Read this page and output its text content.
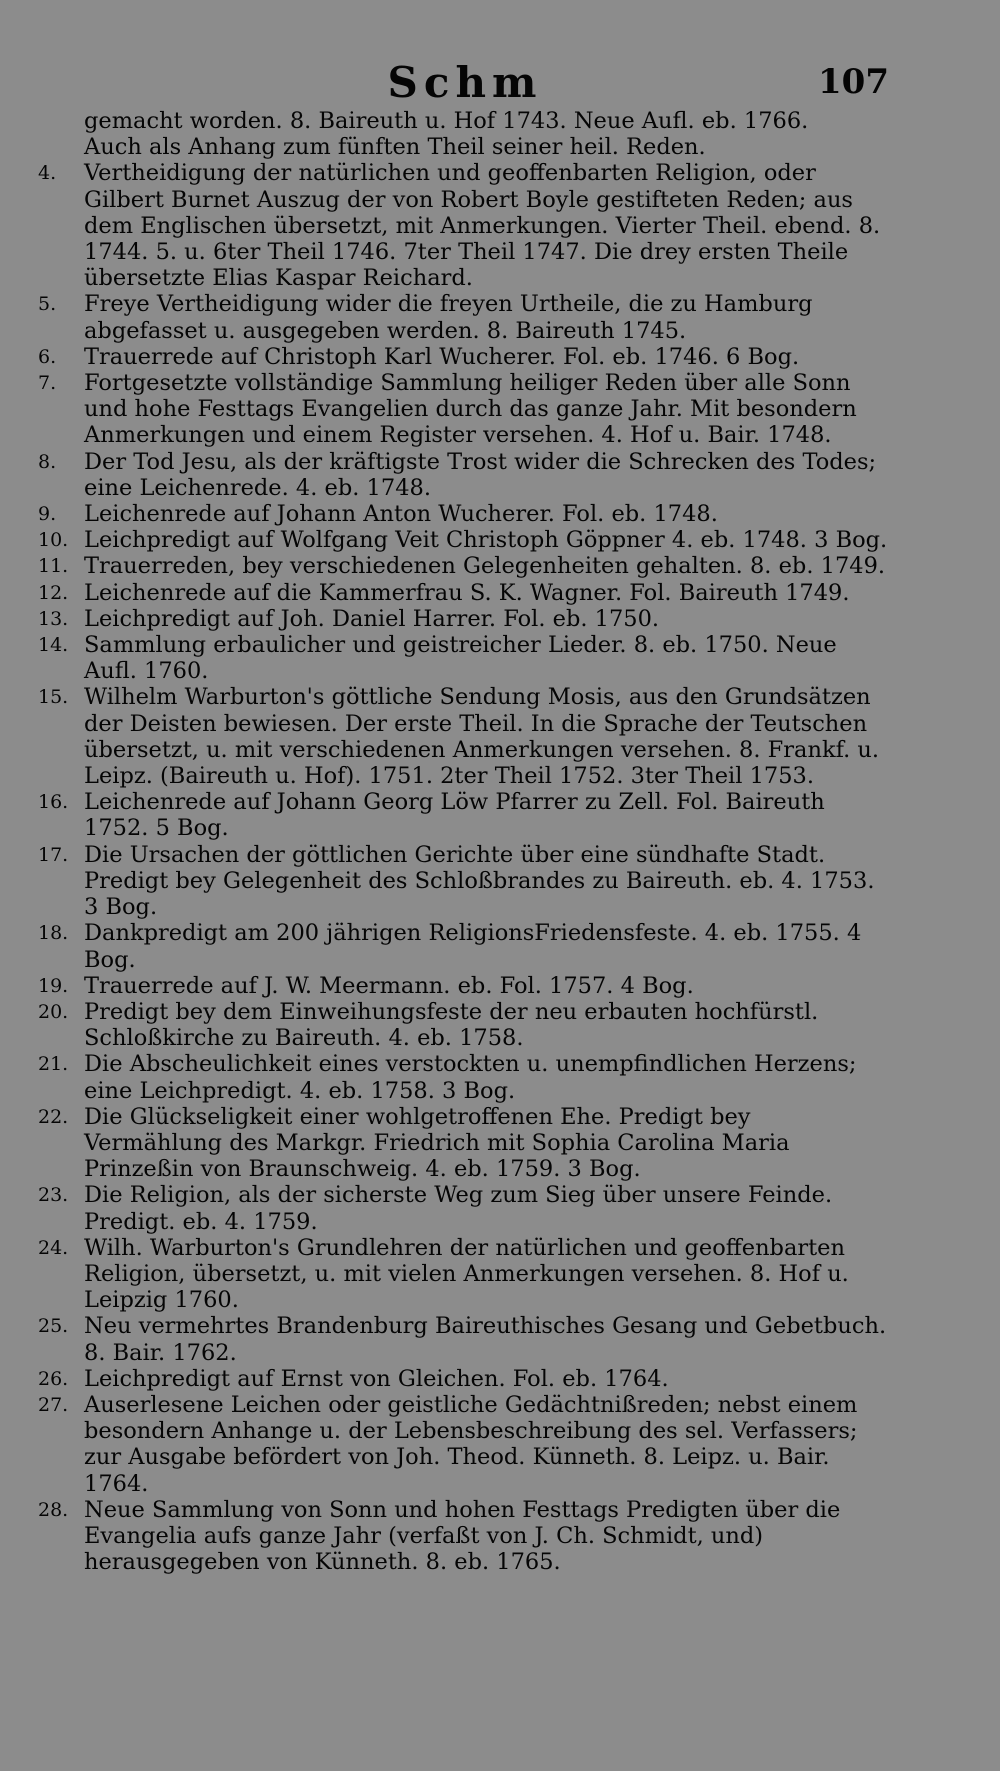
Schm	107
gemacht worden. 8. Baireuth u. Hof 1743. Neue Aufl. eb. 1766.
Auch als Anhang zum fünften Theil seiner heil. Reden.
4.	Vertheidigung der natürlichen und geoffenbarten Religion, oder Gilbert Burnet Auszug der von Robert Boyle gestifteten Reden; aus dem Englischen übersetzt, mit Anmerkungen. Vierter Theil. ebend. 8. 1744. 5. u. 6ter Theil 1746. 7ter Theil 1747. Die drey ersten Theile übersetzte Elias Kaspar Reichard.
5.	Freye Vertheidigung wider die freyen Urtheile, die zu Hamburg abgefasset u. ausgegeben werden. 8. Baireuth 1745.
6.	Trauerrede auf Christoph Karl Wucherer. Fol. eb. 1746. 6 Bog.
7.	Fortgesetzte vollständige Sammlung heiliger Reden über alle Sonn und hohe Festtags Evangelien durch das ganze Jahr. Mit besondern Anmerkungen und einem Register versehen. 4. Hof u. Bair. 1748.
8.	Der Tod Jesu, als der kräftigste Trost wider die Schrecken des Todes; eine Leichenrede. 4. eb. 1748.
9.	Leichenrede auf Johann Anton Wucherer. Fol. eb. 1748.
10. Leichpredigt auf Wolfgang Veit Christoph Göppner 4. eb. 1748. 3 Bog.
11. Trauerreden, bey verschiedenen Gelegenheiten gehalten. 8. eb. 1749.
12. Leichenrede auf die Kammerfrau S. K. Wagner. Fol. Baireuth 1749.
13. Leichpredigt auf Joh. Daniel Harrer. Fol. eb. 1750.
14. Sammlung erbaulicher und geistreicher Lieder. 8. eb. 1750. Neue Aufl. 1760.
15. Wilhelm Warburton's göttliche Sendung Mosis, aus den Grundsätzen der Deisten bewiesen. Der erste Theil. In die Sprache der Teutschen übersetzt, u. mit verschiedenen Anmerkungen versehen. 8. Frankf. u. Leipz. (Baireuth u. Hof). 1751. 2ter Theil 1752. 3ter Theil 1753.
16. Leichenrede auf Johann Georg Löw Pfarrer zu Zell. Fol. Baireuth 1752. 5 Bog.
17. Die Ursachen der göttlichen Gerichte über eine sündhafte Stadt. Predigt bey Gelegenheit des Schloßbrandes zu Baireuth. eb. 4. 1753. 3 Bog.
18. Dankpredigt am 200 jährigen ReligionsFriedensfeste. 4. eb. 1755. 4 Bog.
19. Trauerrede auf J. W. Meermann. eb. Fol. 1757. 4 Bog.
20. Predigt bey dem Einweihungsfeste der neu erbauten hochfürstl. Schloßkirche zu Baireuth. 4. eb. 1758.
21. Die Abscheulichkeit eines verstockten u. unempfindlichen Herzens; eine Leichpredigt. 4. eb. 1758. 3 Bog.
22. Die Glückseligkeit einer wohlgetroffenen Ehe. Predigt bey Vermählung des Markgr. Friedrich mit Sophia Carolina Maria Prinzeßin von Braunschweig. 4. eb. 1759. 3 Bog.
23. Die Religion, als der sicherste Weg zum Sieg über unsere Feinde. Predigt. eb. 4. 1759.
24. Wilh. Warburton's Grundlehren der natürlichen und geoffenbarten Religion, übersetzt, u. mit vielen Anmerkungen versehen. 8. Hof u. Leipzig 1760.
25. Neu vermehrtes Brandenburg Baireuthisches Gesang und Gebetbuch. 8. Bair. 1762.
26. Leichpredigt auf Ernst von Gleichen. Fol. eb. 1764.
27. Auserlesene Leichen oder geistliche Gedächtnißreden; nebst einem besondern Anhange u. der Lebensbeschreibung des sel. Verfassers; zur Ausgabe befördert von Joh. Theod. Künneth. 8. Leipz. u. Bair. 1764.
28. Neue Sammlung von Sonn und hohen Festtags Predigten über die Evangelia aufs ganze Jahr (verfaßt von J. Ch. Schmidt, und) herausgegeben von Künneth. 8. eb. 1765.
